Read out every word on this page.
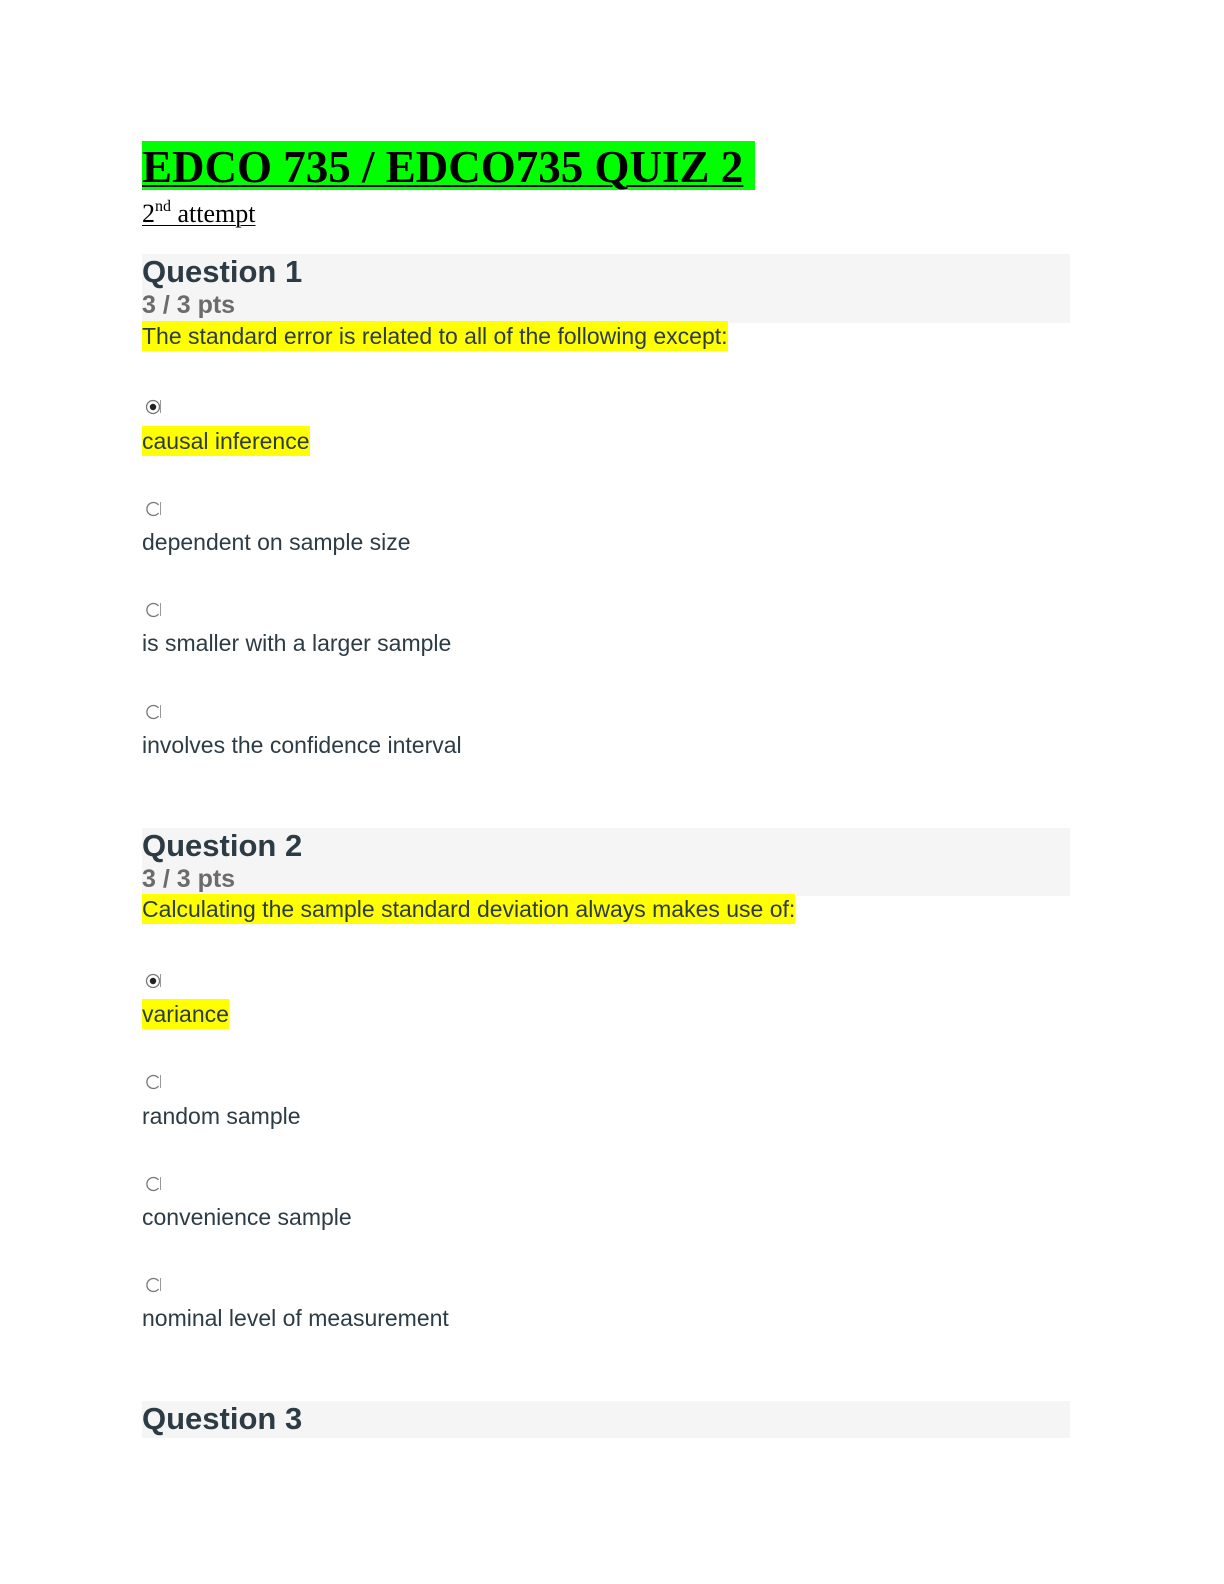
EDCO 735 / EDCO735 QUIZ 2
2nd attempt
Question 1
3 / 3 pts
The standard error is related to all of the following except:
causal inference
dependent on sample size
is smaller with a larger sample
involves the confidence interval
Question 2
3 / 3 pts
Calculating the sample standard deviation always makes use of:
variance
random sample
convenience sample
nominal level of measurement
Question 3
